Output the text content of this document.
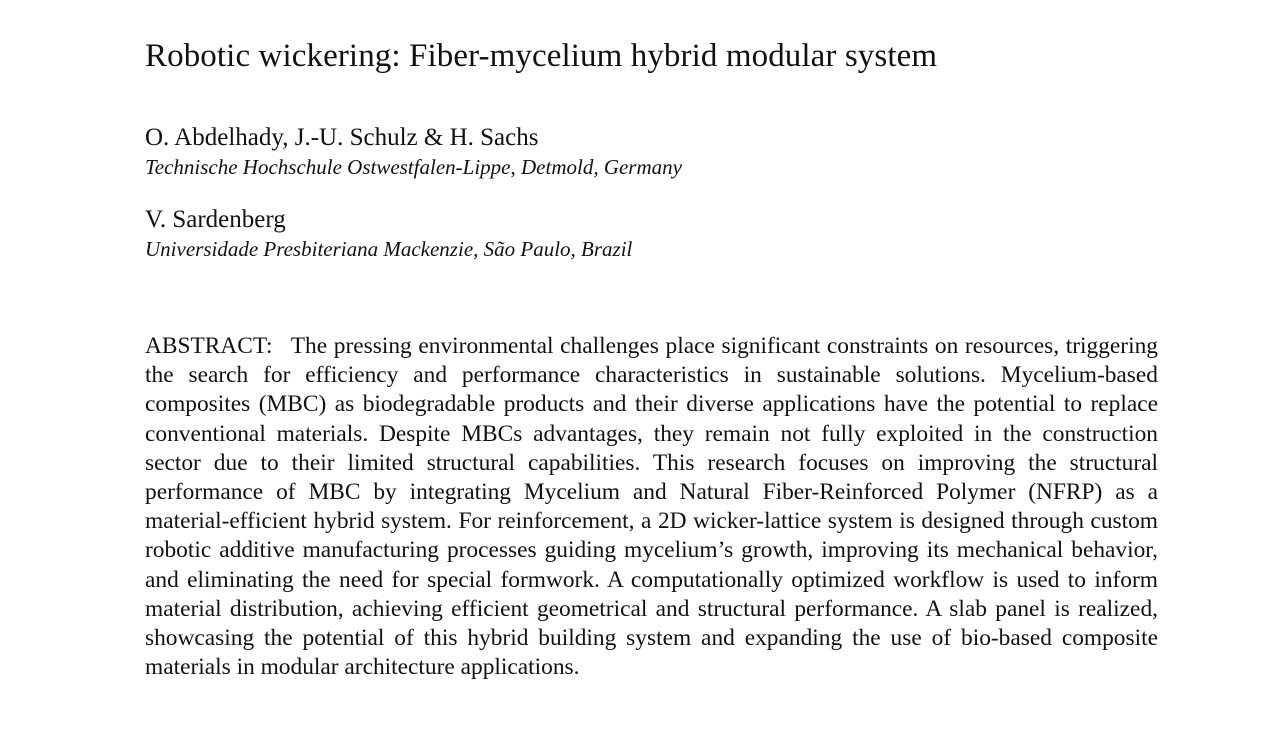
Robotic wickering: Fiber-mycelium hybrid modular system
O. Abdelhady, J.-U. Schulz & H. Sachs
Technische Hochschule Ostwestfalen-Lippe, Detmold, Germany
V. Sardenberg
Universidade Presbiteriana Mackenzie, São Paulo, Brazil
ABSTRACT: The pressing environmental challenges place significant constraints on resources, triggering the search for efficiency and performance characteristics in sustainable solutions. Mycelium-based composites (MBC) as biodegradable products and their diverse applications have the potential to replace conventional materials. Despite MBCs advantages, they remain not fully exploited in the construction sector due to their limited structural capabilities. This research focuses on improving the structural performance of MBC by integrating Mycelium and Natural Fiber-Reinforced Polymer (NFRP) as a material-efficient hybrid system. For reinforcement, a 2D wicker-lattice system is designed through custom robotic additive manufacturing processes guiding mycelium’s growth, improving its mechanical behavior, and eliminating the need for special formwork. A computationally optimized workflow is used to inform material distribution, achieving efficient geometrical and structural performance. A slab panel is realized, showcasing the potential of this hybrid building system and expanding the use of bio-based composite materials in modular architecture applications.
